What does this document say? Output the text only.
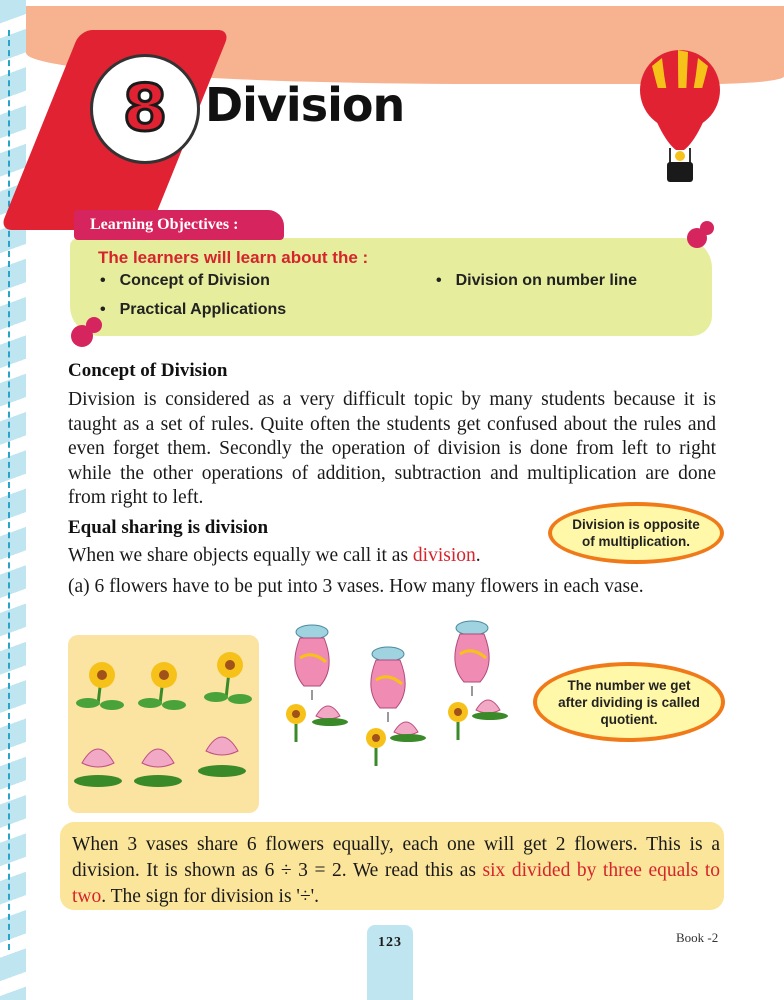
8 Division
Learning Objectives :
The learners will learn about the :
• Concept of Division	• Division on number line
• Practical Applications
Concept of Division
Division is considered as a very difficult topic by many students because it is taught as a set of rules. Quite often the students get confused about the rules and even forget them. Secondly the operation of division is done from left to right while the other operations of addition, subtraction and multiplication are done from right to left.
Equal sharing is division
When we share objects equally we call it as division.
(a) 6 flowers have to be put into 3 vases. How many flowers in each vase.
Division is opposite
of multiplication.
The number we get
after dividing is called
quotient.
When 3 vases share 6 flowers equally, each one will get 2 flowers. This is a division. It is shown as 6 ÷ 3 = 2. We read this as six divided by three equals to two. The sign for division is '÷'.
123	Book -2
